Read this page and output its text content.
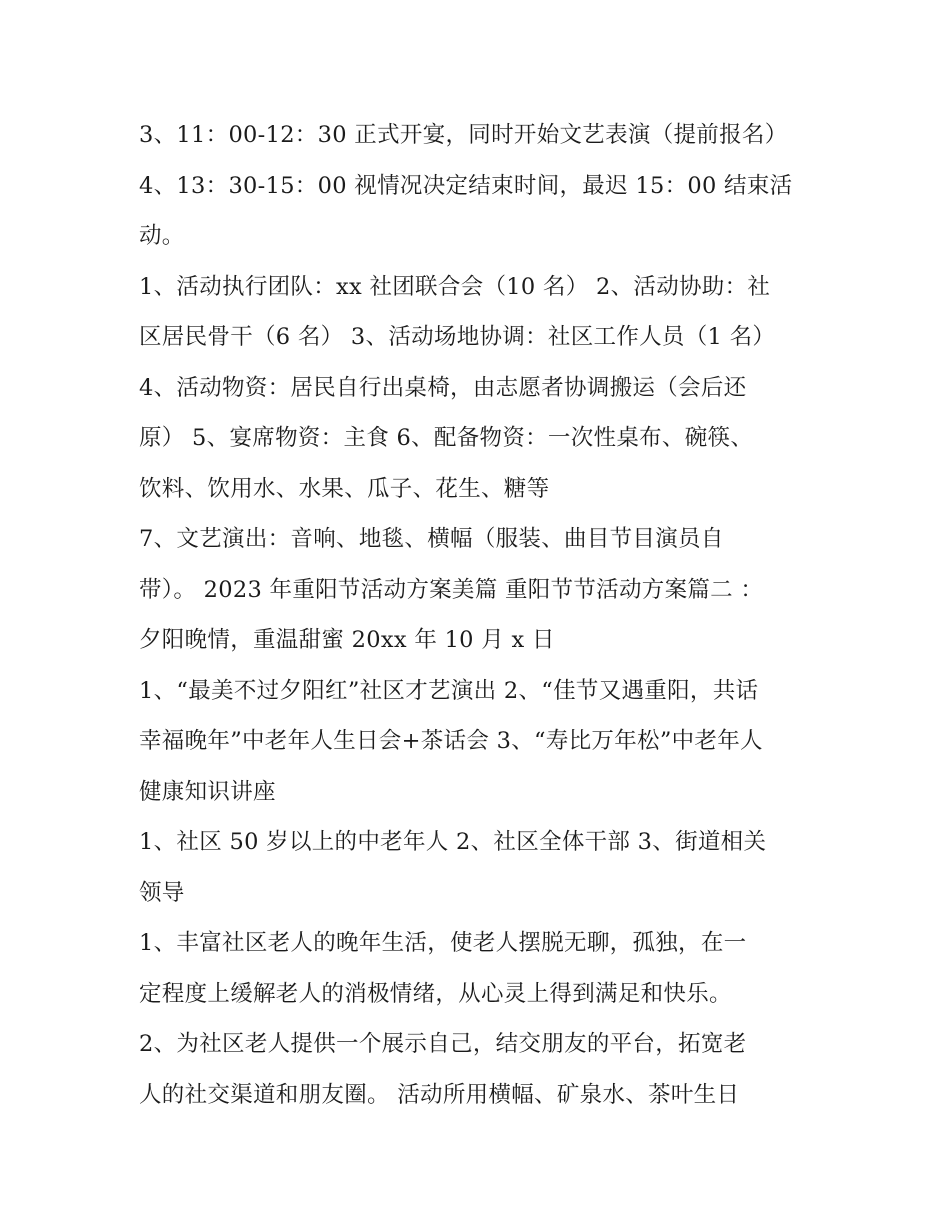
3、11：00-12：30 正式开宴，同时开始文艺表演（提前报名）
4、13：30-15：00 视情况决定结束时间，最迟 15：00 结束活
动。
1、活动执行团队：xx 社团联合会（10 名） 2、活动协助：社
区居民骨干（6 名） 3、活动场地协调：社区工作人员（1 名）
4、活动物资：居民自行出桌椅，由志愿者协调搬运（会后还
原） 5、宴席物资：主食 6、配备物资：一次性桌布、碗筷、
饮料、饮用水、水果、瓜子、花生、糖等
7、文艺演出：音响、地毯、横幅（服装、曲目节目演员自
带）。 2023 年重阳节活动方案美篇 重阳节节活动方案篇二 ：
夕阳晚情，重温甜蜜 20xx 年 10 月 x 日
1、“最美不过夕阳红”社区才艺演出 2、“佳节又遇重阳，共话
幸福晚年”中老年人生日会+茶话会 3、“寿比万年松”中老年人
健康知识讲座
1、社区 50 岁以上的中老年人 2、社区全体干部 3、街道相关
领导
1、丰富社区老人的晚年生活，使老人摆脱无聊，孤独，在一
定程度上缓解老人的消极情绪，从心灵上得到满足和快乐。
2、为社区老人提供一个展示自己，结交朋友的平台，拓宽老
人的社交渠道和朋友圈。 活动所用横幅、矿泉水、茶叶生日
